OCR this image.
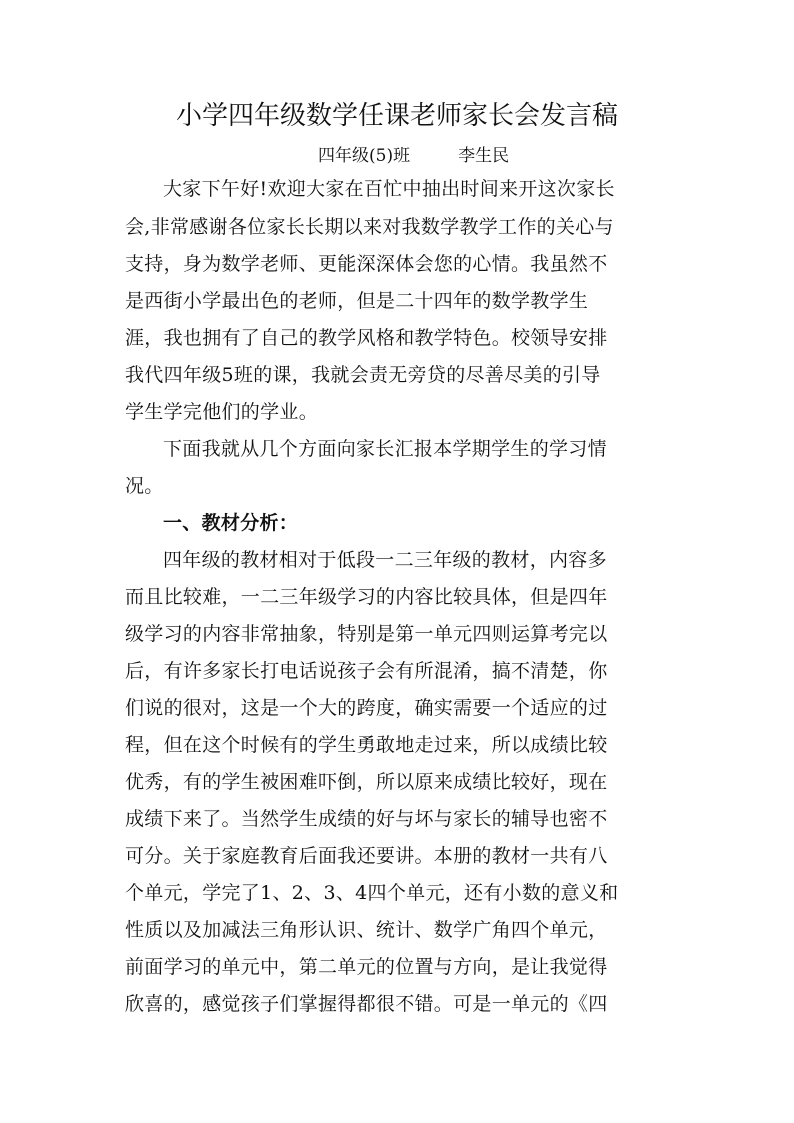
小学四年级数学任课老师家长会发言稿
四年级(5)班	李生民
大家下午好!欢迎大家在百忙中抽出时间来开这次家长
会,非常感谢各位家长长期以来对我数学教学工作的关心与
支持，身为数学老师、更能深深体会您的心情。我虽然不
是西街小学最出色的老师，但是二十四年的数学教学生
涯，我也拥有了自己的教学风格和教学特色。校领导安排
我代四年级5班的课，我就会责无旁贷的尽善尽美的引导
学生学完他们的学业。
下面我就从几个方面向家长汇报本学期学生的学习情
况。
一、教材分析：
四年级的教材相对于低段一二三年级的教材，内容多
而且比较难，一二三年级学习的内容比较具体，但是四年
级学习的内容非常抽象，特别是第一单元四则运算考完以
后，有许多家长打电话说孩子会有所混淆，搞不清楚，你
们说的很对，这是一个大的跨度，确实需要一个适应的过
程，但在这个时候有的学生勇敢地走过来，所以成绩比较
优秀，有的学生被困难吓倒，所以原来成绩比较好，现在
成绩下来了。当然学生成绩的好与坏与家长的辅导也密不
可分。关于家庭教育后面我还要讲。本册的教材一共有八
个单元，学完了1、2、3、4四个单元，还有小数的意义和
性质以及加减法三角形认识、统计、数学广角四个单元，
前面学习的单元中，第二单元的位置与方向，是让我觉得
欣喜的，感觉孩子们掌握得都很不错。可是一单元的《四
